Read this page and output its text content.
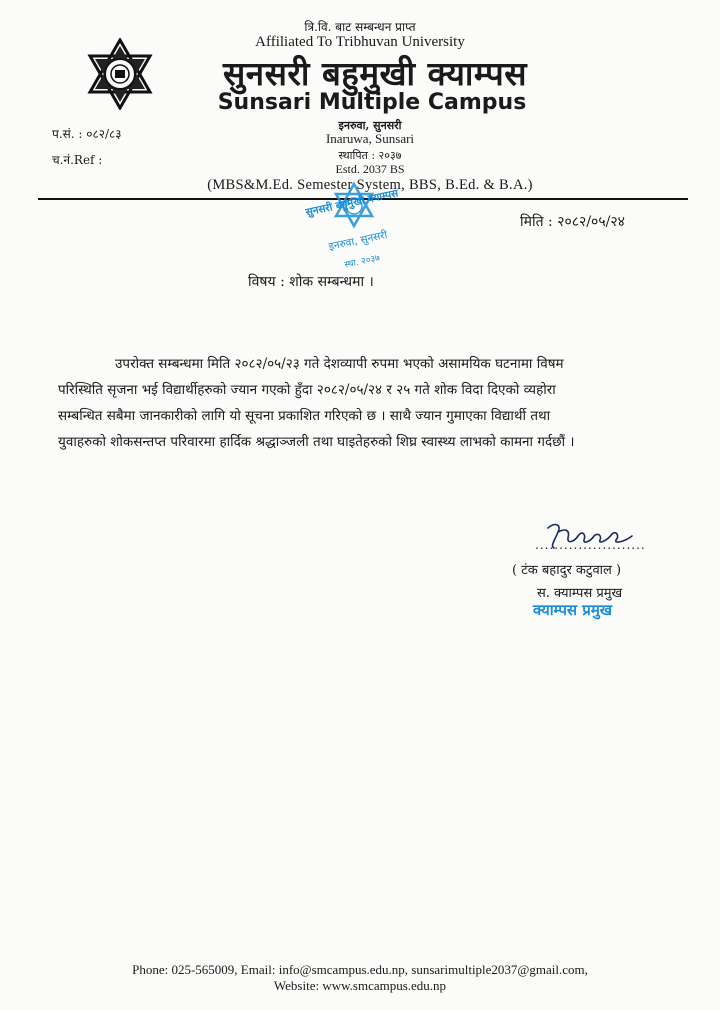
त्रि.वि. बाट सम्बन्धन प्राप्त
Affiliated To Tribhuvan University
सुनसरी बहुमुखी क्याम्पस
Sunsari Multiple Campus
इनरुवा, सुनसरी
Inaruwa, Sunsari
स्थापित : २०३७
Estd. 2037 BS
(MBS&M.Ed. Semester System, BBS, B.Ed. & B.A.)
प.सं. : ०८२/८३
च.नं.Ref :
सुनसरी बहुमुखी क्याम्पस
इनरुवा, सुनसरी
स्था. २०३७
मिति : २०८२/०५/२४
विषय : शोक सम्बन्धमा ।
उपरोक्त सम्बन्धमा मिति २०८२/०५/२३ गते देशव्यापी रुपमा भएको असामयिक घटनामा विषम
परिस्थिति सृजना भई विद्यार्थीहरुको ज्यान गएको हुँदा २०८२/०५/२४ र २५ गते शोक विदा दिएको व्यहोरा
सम्बन्धित सबैमा जानकारीको लागि यो सूचना प्रकाशित गरिएको छ । साथै ज्यान गुमाएका विद्यार्थी तथा
युवाहरुको शोकसन्तप्त परिवारमा हार्दिक श्रद्धाञ्जली तथा घाइतेहरुको शिघ्र स्वास्थ्य लाभको कामना गर्दछौं ।
.......................
( टंक बहादुर कटुवाल )
स. क्याम्पस प्रमुख
क्याम्पस प्रमुख
Phone: 025-565009, Email: info@smcampus.edu.np, sunsarimultiple2037@gmail.com,
Website: www.smcampus.edu.np
